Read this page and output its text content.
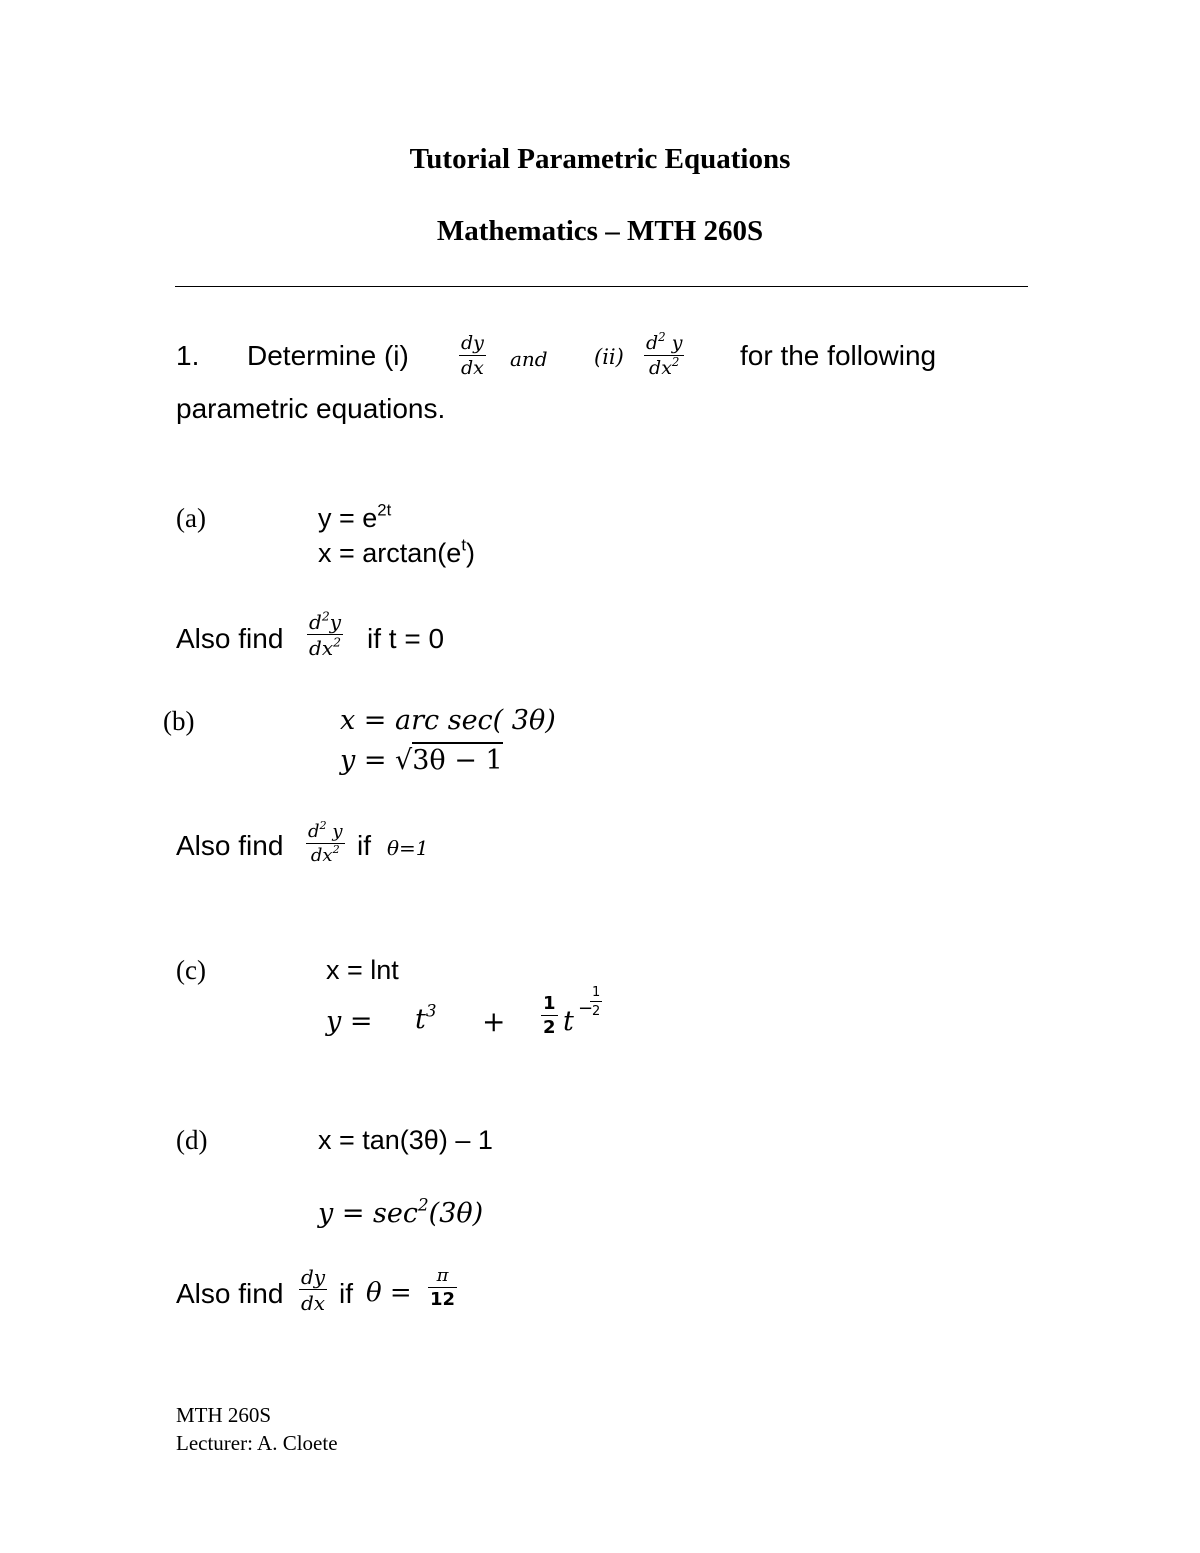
Tutorial Parametric Equations
Mathematics – MTH 260S
1. Determine (i)	$\frac{dy}{dx}$ and $(ii) \frac{d^2 y}{dx^2}$ for the following
parametric equations.
(a)	$y = e^{2t}$
$x = \arctan(e^t)$
Also find $\frac{d^2y}{dx^2}$ if t = 0
(b)	x = arc sec( 3θ)
y = √3θ − 1
Also find $\frac{d^2 y}{dx^2}$ if θ=1
(c)	x = lnt
$y = t^3 + \frac{1}{2}$ t −
$\frac{1}{2}$
(d)	x = tan(3θ) – 1
$y = \sec^2(3\theta)$
Also find $\frac{dy}{dx}$ if $\theta = \frac{\pi}{12}$
MTH 260S
Lecturer: A. Cloete
